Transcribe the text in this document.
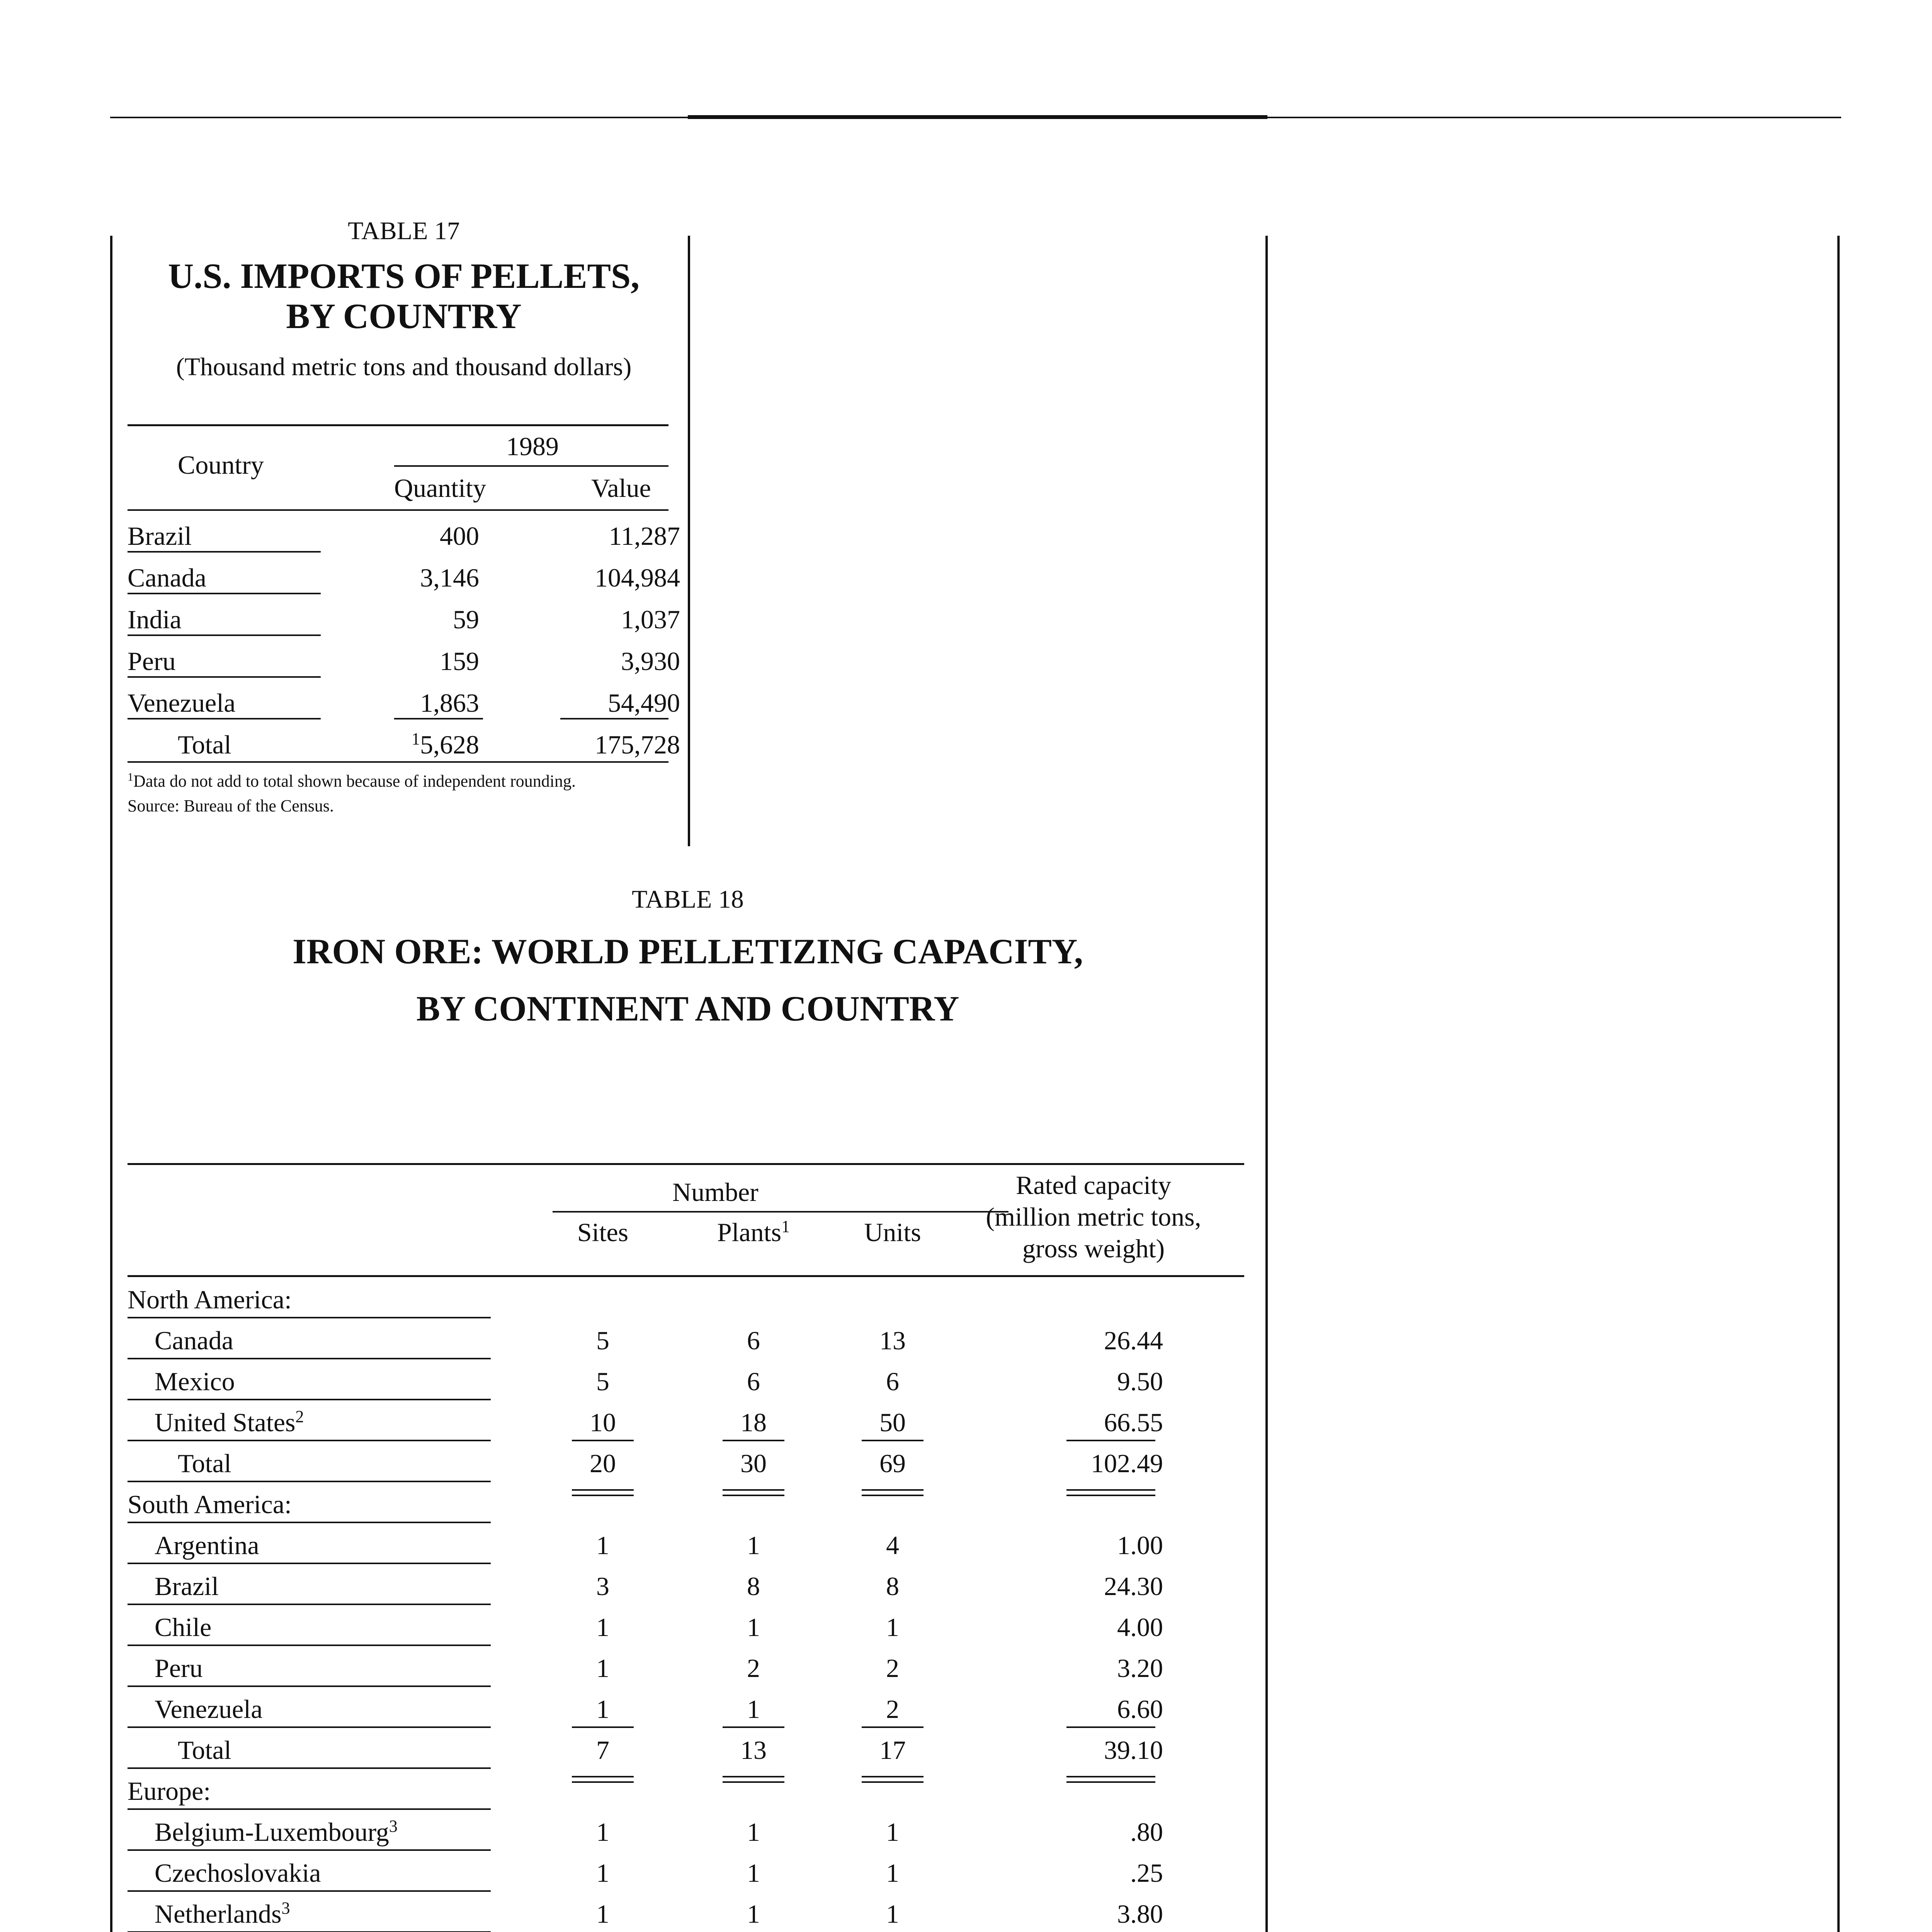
TABLE 17
U.S. IMPORTS OF PELLETS,
BY COUNTRY
(Thousand metric tons and thousand dollars)
Country
1989
Quantity	Value
Brazil	400	11,287
Canada	3,146	104,984
India	59	1,037
Peru	159	3,930
Venezuela	1,863	54,490
Total	$^1$5,628	175,728
$^1$Data do not add to total shown because of independent rounding.
Source: Bureau of the Census.
TABLE 18
IRON ORE: WORLD PELLETIZING CAPACITY,
BY CONTINENT AND COUNTRY
Number
Sites	Plants$^1$	Units
Rated capacity
(million metric tons,
gross weight)
North America:
Canada	5	6	13	26.44
Mexico	5	6	6	9.50
United States$^2$	10	18	50	66.55
Total	20	30	69	102.49
South America:
Argentina	1	1	4	1.00
Brazil	3	8	8	24.30
Chile	1	1	1	4.00
Peru	1	2	2	3.20
Venezuela	1	1	2	6.60
Total	7	13	17	39.10
Europe:
Belgium-Luxembourg$^3$	1	1	1	.80
Czechoslovakia	1	1	1	.25
Netherlands$^3$	1	1	1	3.80
